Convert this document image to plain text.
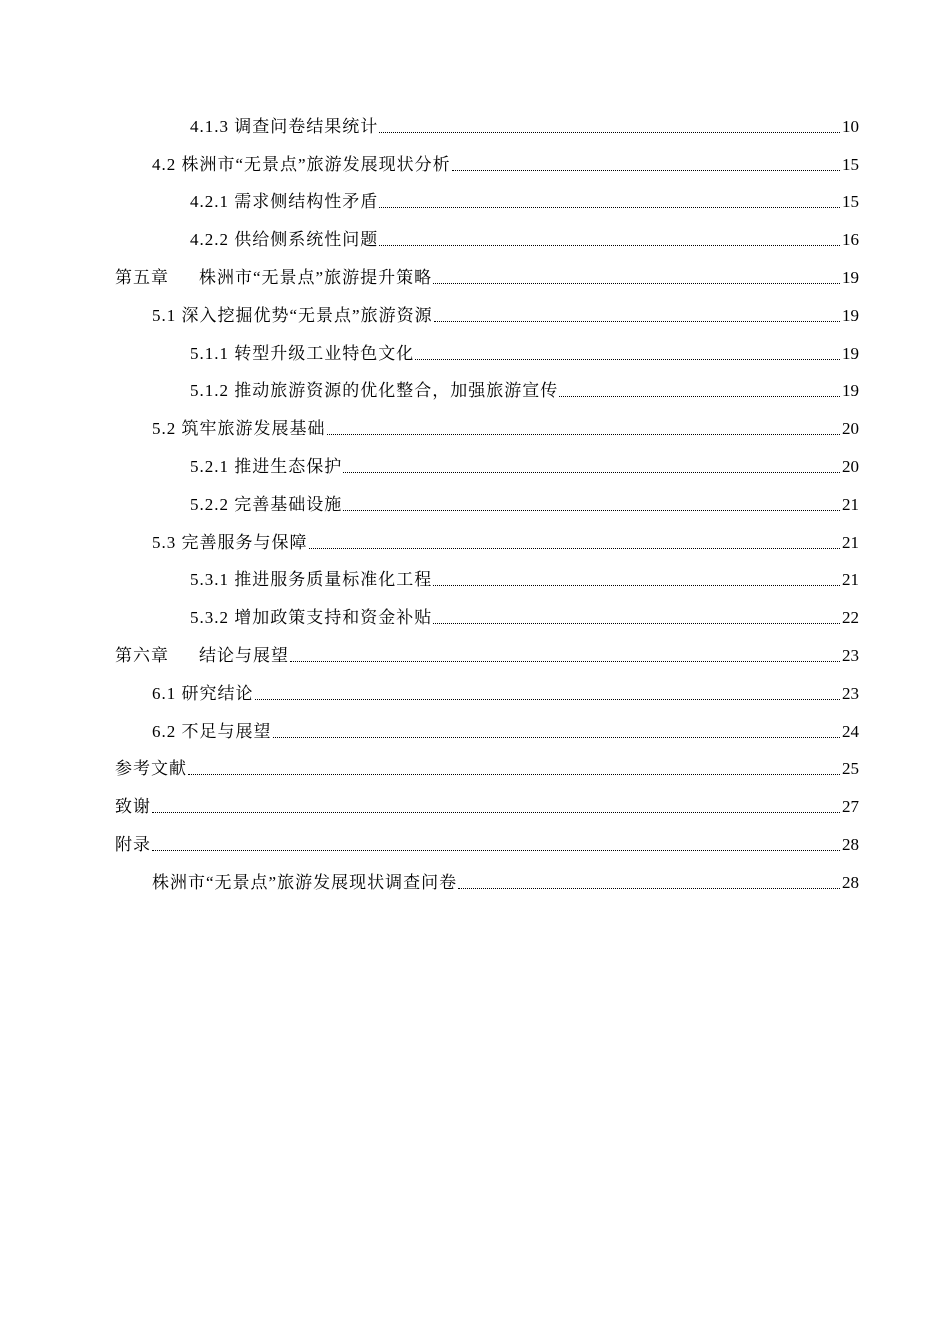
4.1.3 调查问卷结果统计	10
4.2 株洲市“无景点”旅游发展现状分析	15
4.2.1 需求侧结构性矛盾	15
4.2.2 供给侧系统性问题	16
第五章 株洲市“无景点”旅游提升策略	19
5.1 深入挖掘优势“无景点”旅游资源	19
5.1.1 转型升级工业特色文化	19
5.1.2 推动旅游资源的优化整合，加强旅游宣传	19
5.2 筑牢旅游发展基础	20
5.2.1 推进生态保护	20
5.2.2 完善基础设施	21
5.3 完善服务与保障	21
5.3.1 推进服务质量标准化工程	21
5.3.2 增加政策支持和资金补贴	22
第六章 结论与展望	23
6.1 研究结论	23
6.2 不足与展望	24
参考文献	25
致谢	27
附录	28
株洲市“无景点”旅游发展现状调查问卷	28
